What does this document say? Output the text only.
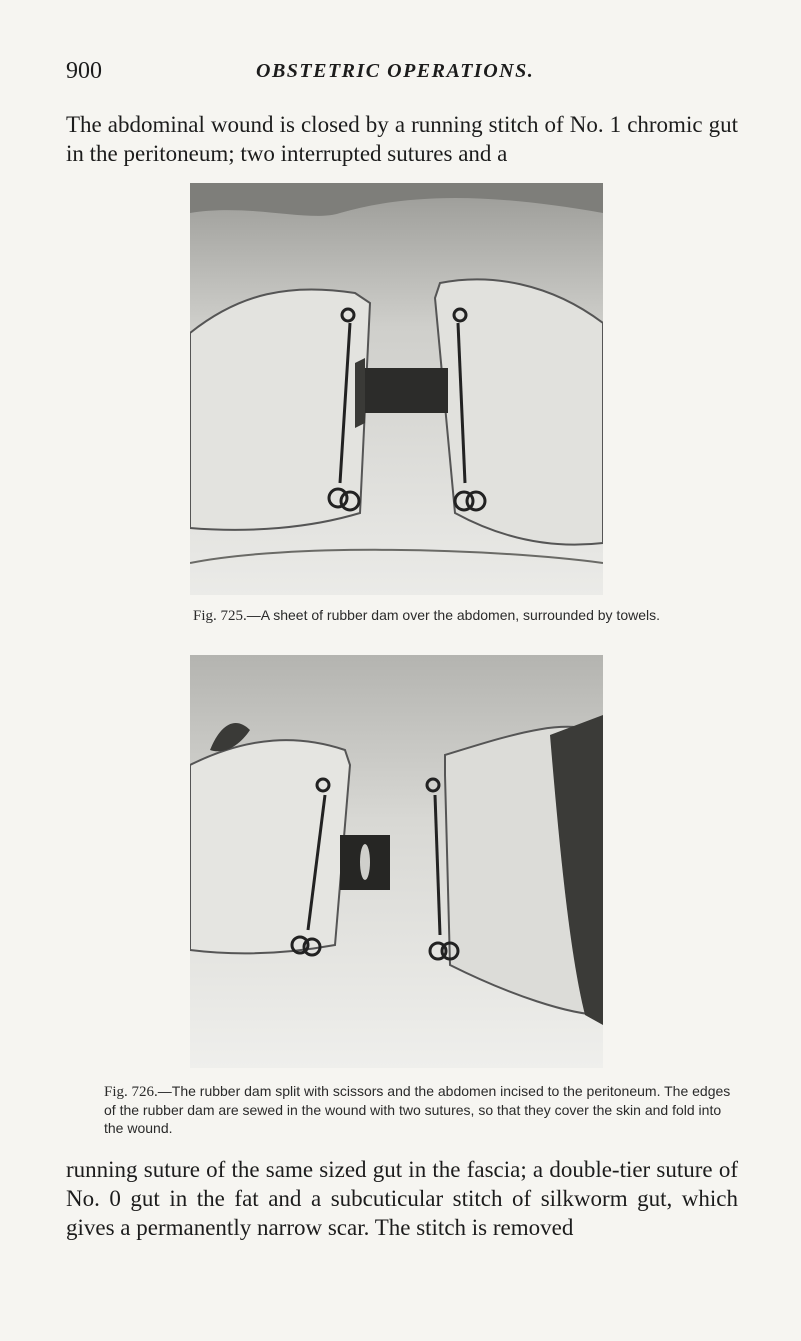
900	OBSTETRIC OPERATIONS.

The abdominal wound is closed by a running stitch of No. 1 chromic gut in the peritoneum; two interrupted sutures and a

Fig. 725.—A sheet of rubber dam over the abdomen, surrounded by towels.
Fig. 726.—The rubber dam split with scissors and the abdomen incised to the peritoneum. The edges of the rubber dam are sewed in the wound with two sutures, so that they cover the skin and fold into the wound.

running suture of the same sized gut in the fascia; a double-tier suture of No. 0 gut in the fat and a subcuticular stitch of silkworm gut, which gives a permanently narrow scar. The stitch is removed
